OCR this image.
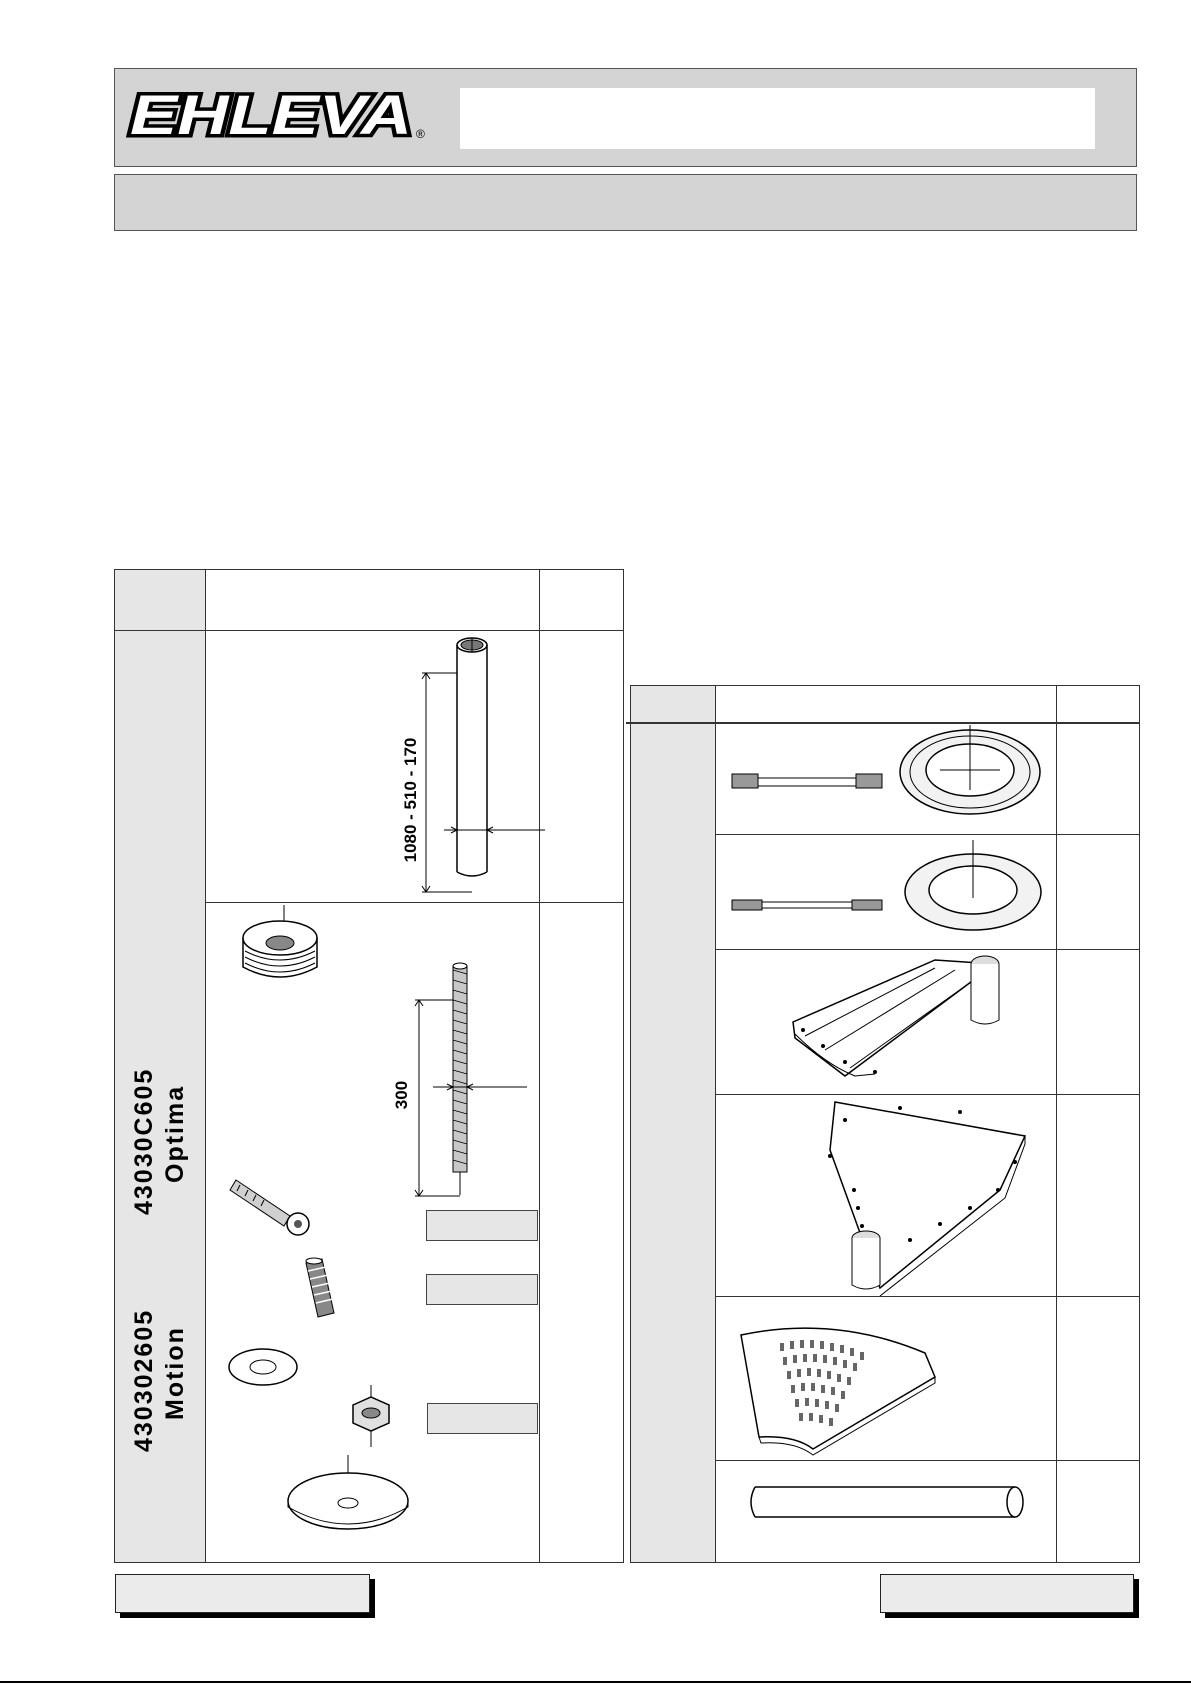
EHLEVA ®
43030C605 Optima
430302605 Motion
1080 - 510 - 170
300
